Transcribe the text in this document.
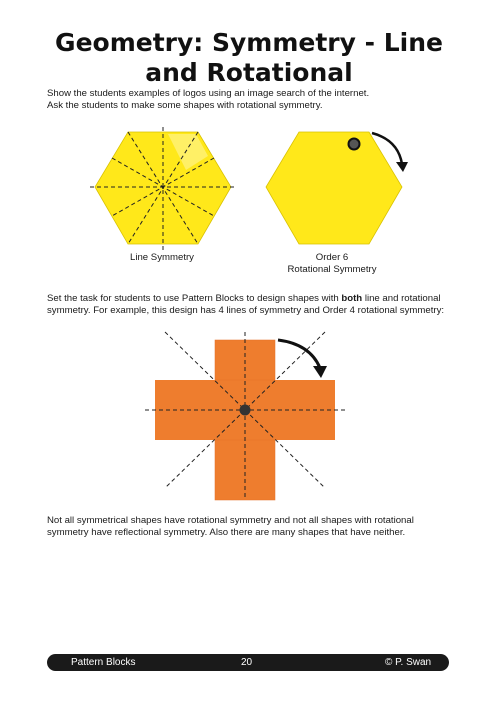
Geometry: Symmetry - Line
and Rotational
Show the students examples of logos using an image search of the internet.
Ask the students to make some shapes with rotational symmetry.
Line Symmetry	Order 6
Rotational Symmetry
Set the task for students to use Pattern Blocks to design shapes with both line and rotational
symmetry. For example, this design has 4 lines of symmetry and Order 4 rotational symmetry:
Not all symmetrical shapes have rotational symmetry and not all shapes with rotational
symmetry have reflectional symmetry. Also there are many shapes that have neither.
Pattern Blocks	20	© P. Swan
